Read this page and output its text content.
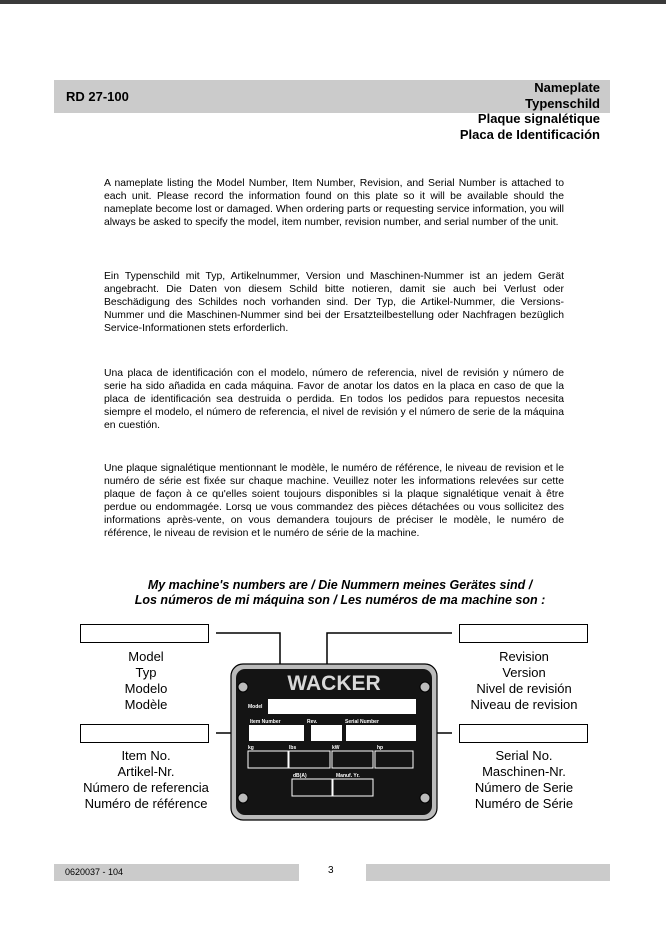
RD 27-100
Nameplate
Typenschild
Plaque signalétique
Placa de Identificación
A nameplate listing the Model Number, Item Number, Revision, and Serial Number is attached to each unit. Please record the information found on this plate so it will be available should the nameplate become lost or damaged. When ordering parts or requesting service information, you will always be asked to specify the model, item number, revision number, and serial number of the unit.
Ein Typenschild mit Typ, Artikelnummer, Version und Maschinen-Nummer ist an jedem Gerät angebracht. Die Daten von diesem Schild bitte notieren, damit sie auch bei Verlust oder Beschädigung des Schildes noch vorhanden sind. Der Typ, die Artikel-Nummer, die Versions- Nummer und die Maschinen-Nummer sind bei der Ersatzteilbestellung oder Nachfragen bezüglich Service-Informationen stets erforderlich.
Una placa de identificación con el modelo, número de referencia, nivel de revisión y número de serie ha sido añadida en cada máquina. Favor de anotar los datos en la placa en caso de que la placa de identificación sea destruida o perdida. En todos los pedidos para repuestos necesita siempre el modelo, el número de referencia, el nivel de revisión y el número de serie de la máquina en cuestión.
Une plaque signalétique mentionnant le modèle, le numéro de référence, le niveau de revision et le numéro de série est fixée sur chaque machine. Veuillez noter les informations relevées sur cette plaque de façon à ce qu'elles soient toujours disponibles si la plaque signalétique venait à être perdue ou endommagée. Lorsq ue vous commandez des pièces détachées ou vous sollicitez des informations après-vente, on vous demandera toujours de préciser le modèle, le numéro de référence, le niveau de revision et le numéro de série de la machine.
My machine's numbers are / Die Nummern meines Gerätes sind /
Los números de mi máquina son / Les numéros de ma machine son :
Model
Typ
Modelo
Modèle
Revision
Version
Nivel de revisión
Niveau de revision
Item No.
Artikel-Nr.
Número de referencia
Numéro de référence
Serial No.
Maschinen-Nr.
Número de Serie
Numéro de Série
WACKER
Model
Item Number	Rev.	Serial Number
kg	lbs	kW	hp
dB(A)	Manuf. Yr.
0620037 - 104	3
